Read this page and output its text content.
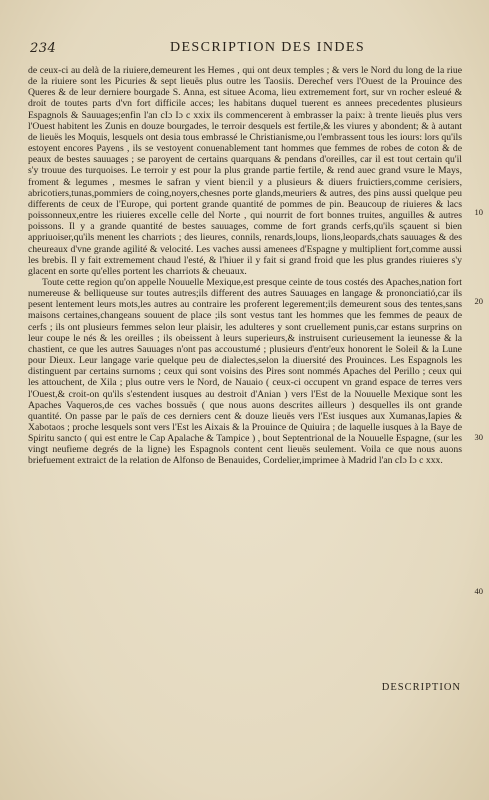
234	DESCRIPTION DES INDES

de ceux-ci au delà de la riuiere,demeurent les Hemes , qui ont deux temples ; & vers le Nord du long de la riue de la riuiere sont les Picuries & sept lieuës plus outre les Taosiis. Derechef vers l'Ouest de la Prouince des Queres & de leur derniere bourgade S. Anna, est situee Acoma, lieu extremement fort, sur vn rocher esleué & droit de toutes parts d'vn fort difficile acces; les habitans duquel tuerent es annees precedentes plusieurs Espagnols & Sauuages;enfin l'an cIɔ Iɔ c xxix ils commencerent à embrasser la paix: à trente lieuës plus vers l'Ouest habitent les Zunis en douze bourgades, le terroir desquels est fertile,& les viures y abondent; & à autant de lieuës les Moquis, lesquels ont desia tous embrassé le Christianisme,ou l'embrassent tous les iours: lors qu'ils estoyent encores Payens , ils se vestoyent conuenablement tant hommes que femmes de robes de coton & de peaux de bestes sauuages ; se paroyent de certains quarquans & pendans d'oreilles, car il est tout certain qu'il s'y trouue des turquoises. Le terroir y est pour la plus grande partie fertile, & rend auec grand vsure le Mays, froment & legumes , mesmes le safran y vient bien:il y a plusieurs & diuers fruictiers,comme cerisiers, abricotiers,tunas,pommiers de coing,noyers,chesnes porte glands,meuriers & autres, des pins aussi quelque peu differents de ceux de l'Europe, qui portent grande quantité de pommes de pin. Beaucoup de riuieres & lacs poissonneux,entre les riuieres excelle celle del Norte , qui nourrit de fort bonnes truites, anguilles & autres poissons. Il y a grande quantité de bestes sauuages, comme de fort grands cerfs,qu'ils sçauent si bien appriuoiser,qu'ils menent les charriots ; des lieures, connils, renards,loups, lions,leopards,chats sauuages & des cheureaux d'vne grande agilité & velocité. Les vaches aussi amenees d'Espagne y multiplient fort,comme aussi les brebis. Il y fait extremement chaud l'esté, & l'hiuer il y fait si grand froid que les plus grandes riuieres s'y glacent en sorte qu'elles portent les charriots & cheuaux.

Toute cette region qu'on appelle Nouuelle Mexique,est presque ceinte de tous costés des Apaches,nation fort numereuse & belliqueuse sur toutes autres;ils different des autres Sauuages en langage & prononciatió,car ils pesent lentement leurs mots,les autres au contraire les proferent legerement;ils demeurent sous des tentes,sans maisons certaines,changeans souuent de place ;ils sont vestus tant les hommes que les femmes de peaux de cerfs ; ils ont plusieurs femmes selon leur plaisir, les adulteres y sont cruellement punis,car estans surprins on leur coupe le nés & les oreilles ; ils obeissent à leurs superieurs,& instruisent curieusement la ieunesse & la chastient, ce que les autres Sauuages n'ont pas accoustumé ; plusieurs d'entr'eux honorent le Soleil & la Lune pour Dieux. Leur langage varie quelque peu de dialectes,selon la diuersité des Prouinces. Les Espagnols les distinguent par certains surnoms ; ceux qui sont voisins des Pires sont nommés Apaches del Perillo ; ceux qui les attouchent, de Xila ; plus outre vers le Nord, de Nauaio ( ceux-ci occupent vn grand espace de terres vers l'Ouest,& croit-on qu'ils s'estendent iusques au destroit d'Anian ) vers l'Est de la Nouuelle Mexique sont les Apaches Vaqueros,de ces vaches bossuës ( que nous auons descrites ailleurs ) desquelles ils ont grande quantité. On passe par le païs de ces derniers cent & douze lieuës vers l'Est iusques aux Xumanas,Iapies & Xabotaos ; proche lesquels sont vers l'Est les Aixais & la Prouince de Quiuira ; de laquelle iusques à la Baye de Spiritu sancto ( qui est entre le Cap Apalache & Tampice ) , bout Septentrional de la Nouuelle Espagne, (sur les vingt neufieme degrés de la ligne) les Espagnols content cent lieuës seulement. Voila ce que nous auons briefuement extraict de la relation de Alfonso de Benauides, Cordelier,imprimee à Madrid l'an cIɔ Iɔ c xxx.

10
20
30
40
DESCRIPTION
